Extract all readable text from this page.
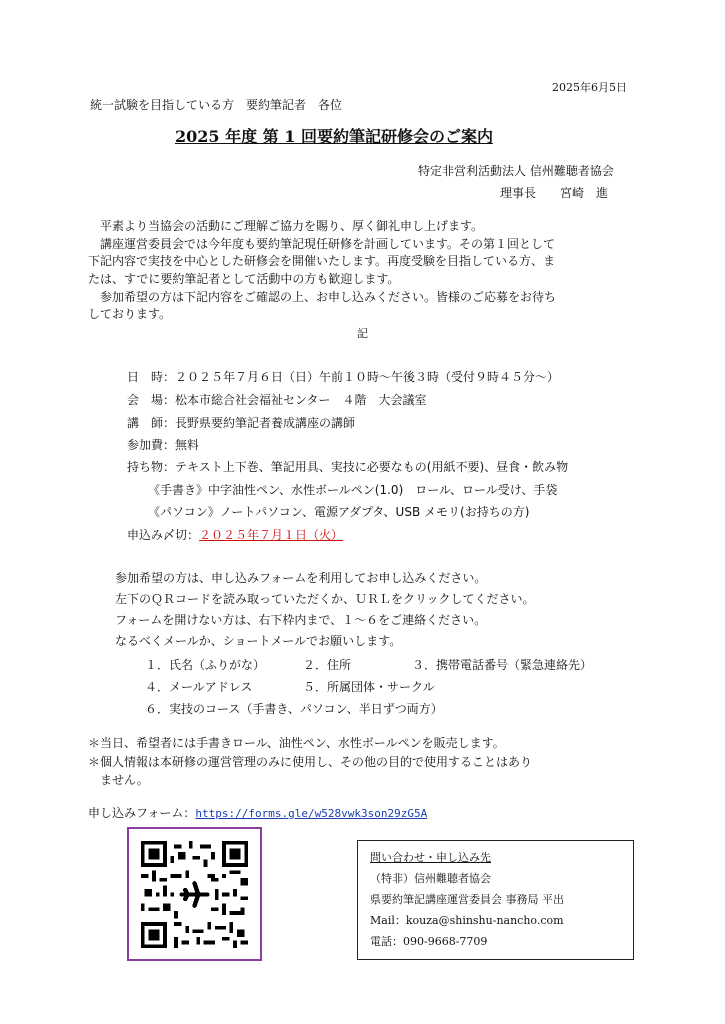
2025年6月5日
統一試験を目指している方　要約筆記者　各位
2025 年度 第 1 回要約筆記研修会のご案内
特定非営利活動法人 信州難聴者協会
理事長　　宮崎　進
平素より当協会の活動にご理解ご協力を賜り、厚く御礼申し上げます。
講座運営委員会では今年度も要約筆記現任研修を計画しています。その第１回として
下記内容で実技を中心とした研修会を開催いたします。再度受験を目指している方、ま
たは、すでに要約筆記者として活動中の方も歓迎します。
参加希望の方は下記内容をご確認の上、お申し込みください。皆様のご応募をお待ち
しております。
記
日　時：２０２５年７月６日（日）午前１０時～午後３時（受付９時４５分～）
会　場：松本市総合社会福祉センター　４階　大会議室
講　師：長野県要約筆記者養成講座の講師
参加費：無料
持ち物：テキスト上下巻、筆記用具、実技に必要なもの(用紙不要)、昼食・飲み物
《手書き》中字油性ペン、水性ボールペン(1.0)　ロール、ロール受け、手袋
《パソコン》ノートパソコン、電源アダプタ、USB メモリ(お持ちの方)
申込み〆切：２０２５年７月１日（火）
参加希望の方は、申し込みフォームを利用してお申し込みください。
左下のＱＲコードを読み取っていただくか、ＵＲＬをクリックしてください。
フォームを開けない方は、右下枠内まで、１～６をご連絡ください。
なるべくメールか、ショートメールでお願いします。
１．氏名（ふりがな）	２．住所	３．携帯電話番号（緊急連絡先）
４．メールアドレス	５．所属団体・サークル
６．実技のコース（手書き、パソコン、半日ずつ両方）
＊当日、希望者には手書きロール、油性ペン、水性ボールペンを販売します。
＊個人情報は本研修の運営管理のみに使用し、その他の目的で使用することはあり
ません。
申し込みフォーム：https://forms.gle/w528vwk3son29zG5A
問い合わせ・申し込み先
（特非）信州難聴者協会
県要約筆記講座運営委員会 事務局 平出
Mail：kouza@shinshu-nancho.com
電話：090-9668-7709
